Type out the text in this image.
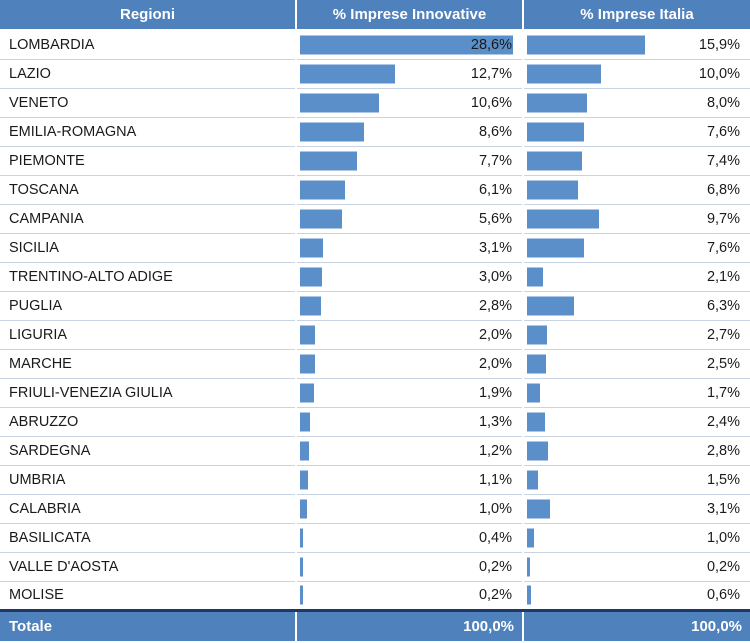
Regioni	% Imprese Innovative	% Imprese Italia
LOMBARDIA	28,6%	15,9%
LAZIO	12,7%	10,0%
VENETO	10,6%	8,0%
EMILIA-ROMAGNA	8,6%	7,6%
PIEMONTE	7,7%	7,4%
TOSCANA	6,1%	6,8%
CAMPANIA	5,6%	9,7%
SICILIA	3,1%	7,6%
TRENTINO-ALTO ADIGE	3,0%	2,1%
PUGLIA	2,8%	6,3%
LIGURIA	2,0%	2,7%
MARCHE	2,0%	2,5%
FRIULI-VENEZIA GIULIA	1,9%	1,7%
ABRUZZO	1,3%	2,4%
SARDEGNA	1,2%	2,8%
UMBRIA	1,1%	1,5%
CALABRIA	1,0%	3,1%
BASILICATA	0,4%	1,0%
VALLE D'AOSTA	0,2%	0,2%
MOLISE	0,2%	0,6%
Totale	100,0%	100,0%
